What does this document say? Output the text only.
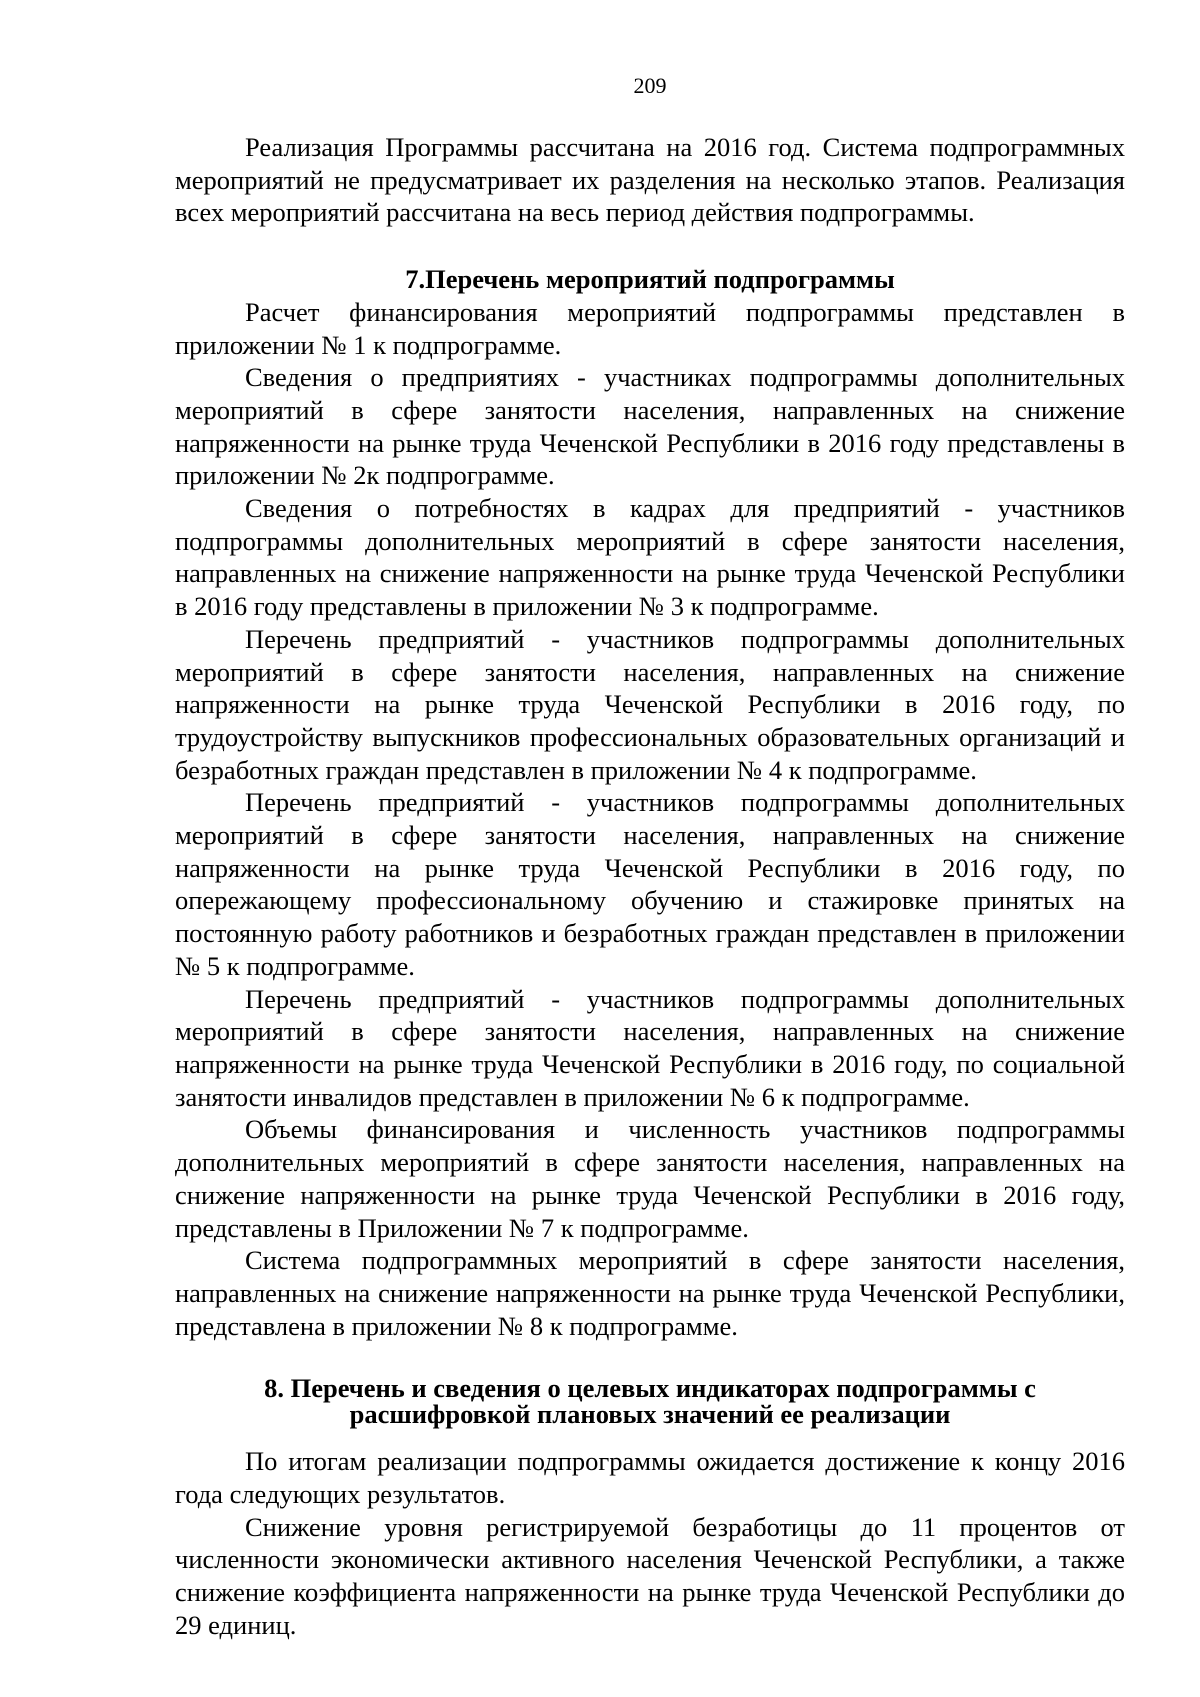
209

Реализация Программы рассчитана на 2016 год. Система подпрограммных мероприятий не предусматривает их разделения на несколько этапов. Реализация всех мероприятий рассчитана на весь период действия подпрограммы.

7.Перечень мероприятий подпрограммы

Расчет финансирования мероприятий подпрограммы представлен в приложении № 1 к подпрограмме.

Сведения о предприятиях - участниках подпрограммы дополнительных мероприятий в сфере занятости населения, направленных на снижение напряженности на рынке труда Чеченской Республики в 2016 году представлены в приложении № 2к подпрограмме.

Сведения о потребностях в кадрах для предприятий - участников подпрограммы дополнительных мероприятий в сфере занятости населения, направленных на снижение напряженности на рынке труда Чеченской Республики в 2016 году представлены в приложении № 3 к подпрограмме.

Перечень предприятий - участников подпрограммы дополнительных мероприятий в сфере занятости населения, направленных на снижение напряженности на рынке труда Чеченской Республики в 2016 году, по трудоустройству выпускников профессиональных образовательных организаций и безработных граждан представлен в приложении № 4 к подпрограмме.

Перечень предприятий - участников подпрограммы дополнительных мероприятий в сфере занятости населения, направленных на снижение напряженности на рынке труда Чеченской Республики в 2016 году, по опережающему профессиональному обучению и стажировке принятых на постоянную работу работников и безработных граждан представлен в приложении № 5 к подпрограмме.

Перечень предприятий - участников подпрограммы дополнительных мероприятий в сфере занятости населения, направленных на снижение напряженности на рынке труда Чеченской Республики в 2016 году, по социальной занятости инвалидов представлен в приложении № 6 к подпрограмме.

Объемы финансирования и численность участников подпрограммы дополнительных мероприятий в сфере занятости населения, направленных на снижение напряженности на рынке труда Чеченской Республики в 2016 году, представлены в Приложении № 7 к подпрограмме.

Система подпрограммных мероприятий в сфере занятости населения, направленных на снижение напряженности на рынке труда Чеченской Республики, представлена в приложении № 8 к подпрограмме.

8. Перечень и сведения о целевых индикаторах подпрограммы с
расшифровкой плановых значений ее реализации

По итогам реализации подпрограммы ожидается достижение к концу 2016 года следующих результатов.

Снижение уровня регистрируемой безработицы до 11 процентов от численности экономически активного населения Чеченской Республики, а также снижение коэффициента напряженности на рынке труда Чеченской Республики до 29 единиц.
